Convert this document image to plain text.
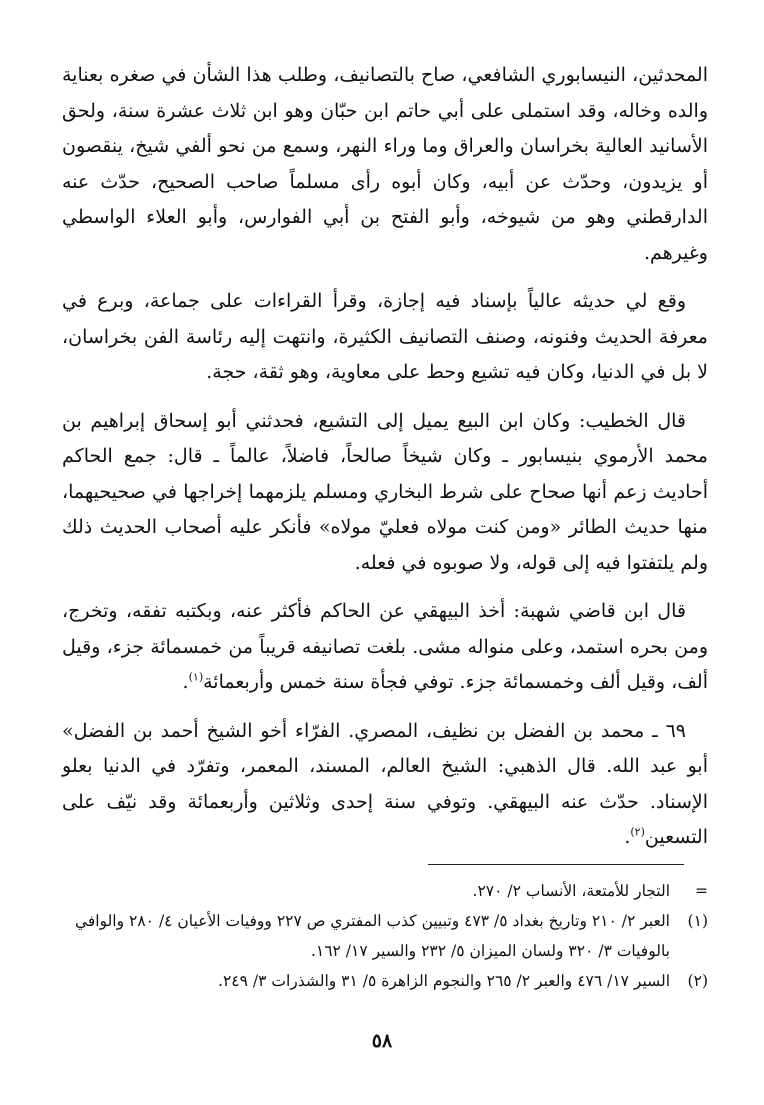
المحدثين، النيسابوري الشافعي، صاح بالتصانيف، وطلب هذا الشأن في صغره بعناية والده وخاله، وقد استملى على أبي حاتم ابن حبّان وهو ابن ثلاث عشرة سنة، ولحق الأسانيد العالية بخراسان والعراق وما وراء النهر، وسمع من نحو ألفي شيخ، ينقصون أو يزيدون، وحدّث عن أبيه، وكان أبوه رأى مسلماً صاحب الصحيح، حدّث عنه الدارقطني وهو من شيوخه، وأبو الفتح بن أبي الفوارس، وأبو العلاء الواسطي وغيرهم.

وقع لي حديثه عالياً بإسناد فيه إجازة، وقرأ القراءات على جماعة، وبرع في معرفة الحديث وفنونه، وصنف التصانيف الكثيرة، وانتهت إليه رئاسة الفن بخراسان، لا بل في الدنيا، وكان فيه تشيع وحط على معاوية، وهو ثقة، حجة.

قال الخطيب: وكان ابن البيع يميل إلى التشيع، فحدثني أبو إسحاق إبراهيم بن محمد الأرموي بنيسابور ـ وكان شيخاً صالحاً، فاضلاً، عالماً ـ قال: جمع الحاكم أحاديث زعم أنها صحاح على شرط البخاري ومسلم يلزمهما إخراجها في صحيحيهما، منها حديث الطائر «ومن كنت مولاه فعليّ مولاه» فأنكر عليه أصحاب الحديث ذلك ولم يلتفتوا فيه إلى قوله، ولا صوبوه في فعله.

قال ابن قاضي شهبة: أخذ البيهقي عن الحاكم فأكثر عنه، وبكتبه تفقه، وتخرج، ومن بحره استمد، وعلى منواله مشى. بلغت تصانيفه قريباً من خمسمائة جزء، وقيل ألف، وقيل ألف وخمسمائة جزء. توفي فجأة سنة خمس وأربعمائة$^{(١)}$.

٦٩ ـ محمد بن الفضل بن نظيف، المصري. الفرّاء أخو الشيخ أحمد بن الفضل» أبو عبد الله. قال الذهبي: الشيخ العالم، المسند، المعمر، وتفرّد في الدنيا بعلو الإسناد. حدّث عنه البيهقي. وتوفي سنة إحدى وثلاثين وأربعمائة وقد نيّف على التسعين$^{(٢)}$.

=
التجار للأمتعة، الأنساب ٢/ ٢٧٠.

(١)
العبر ٢/ ٢١٠ وتاريخ بغداد ٥/ ٤٧٣ وتبيين كذب المفتري ص ٢٢٧ ووفيات الأعيان ٤/ ٢٨٠ والوافي بالوفيات ٣/ ٣٢٠ ولسان الميزان ٥/ ٢٣٢ والسير ١٧/ ١٦٢.

(٢)
السير ١٧/ ٤٧٦ والعبر ٢/ ٢٦٥ والنجوم الزاهرة ٥/ ٣١ والشذرات ٣/ ٢٤٩.

٥٨
